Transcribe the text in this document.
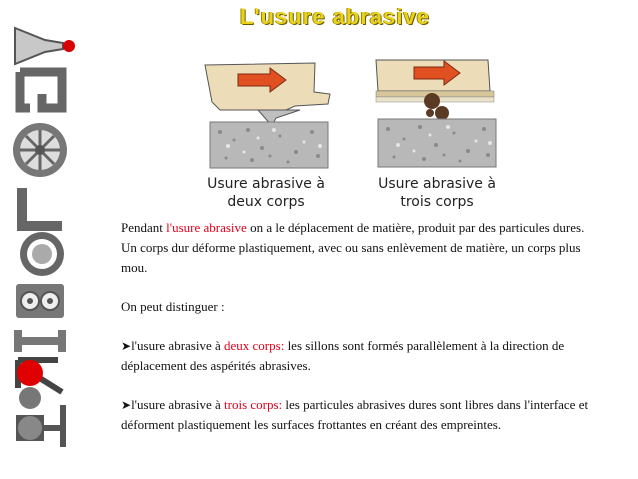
L'usure abrasive
Usure abrasive à
deux corps
Usure abrasive à
trois corps

Pendant l'usure abrasive on a le déplacement de matière, produit par des particules dures. Un corps dur déforme plastiquement, avec ou sans enlèvement de matière, un corps plus mou.

On peut distinguer :

➤l'usure abrasive à deux corps: les sillons sont formés parallèlement à la direction de déplacement des aspérités abrasives.

➤l'usure abrasive à trois corps: les particules abrasives dures sont libres dans l'interface et déforment plastiquement les surfaces frottantes en créant des empreintes.
